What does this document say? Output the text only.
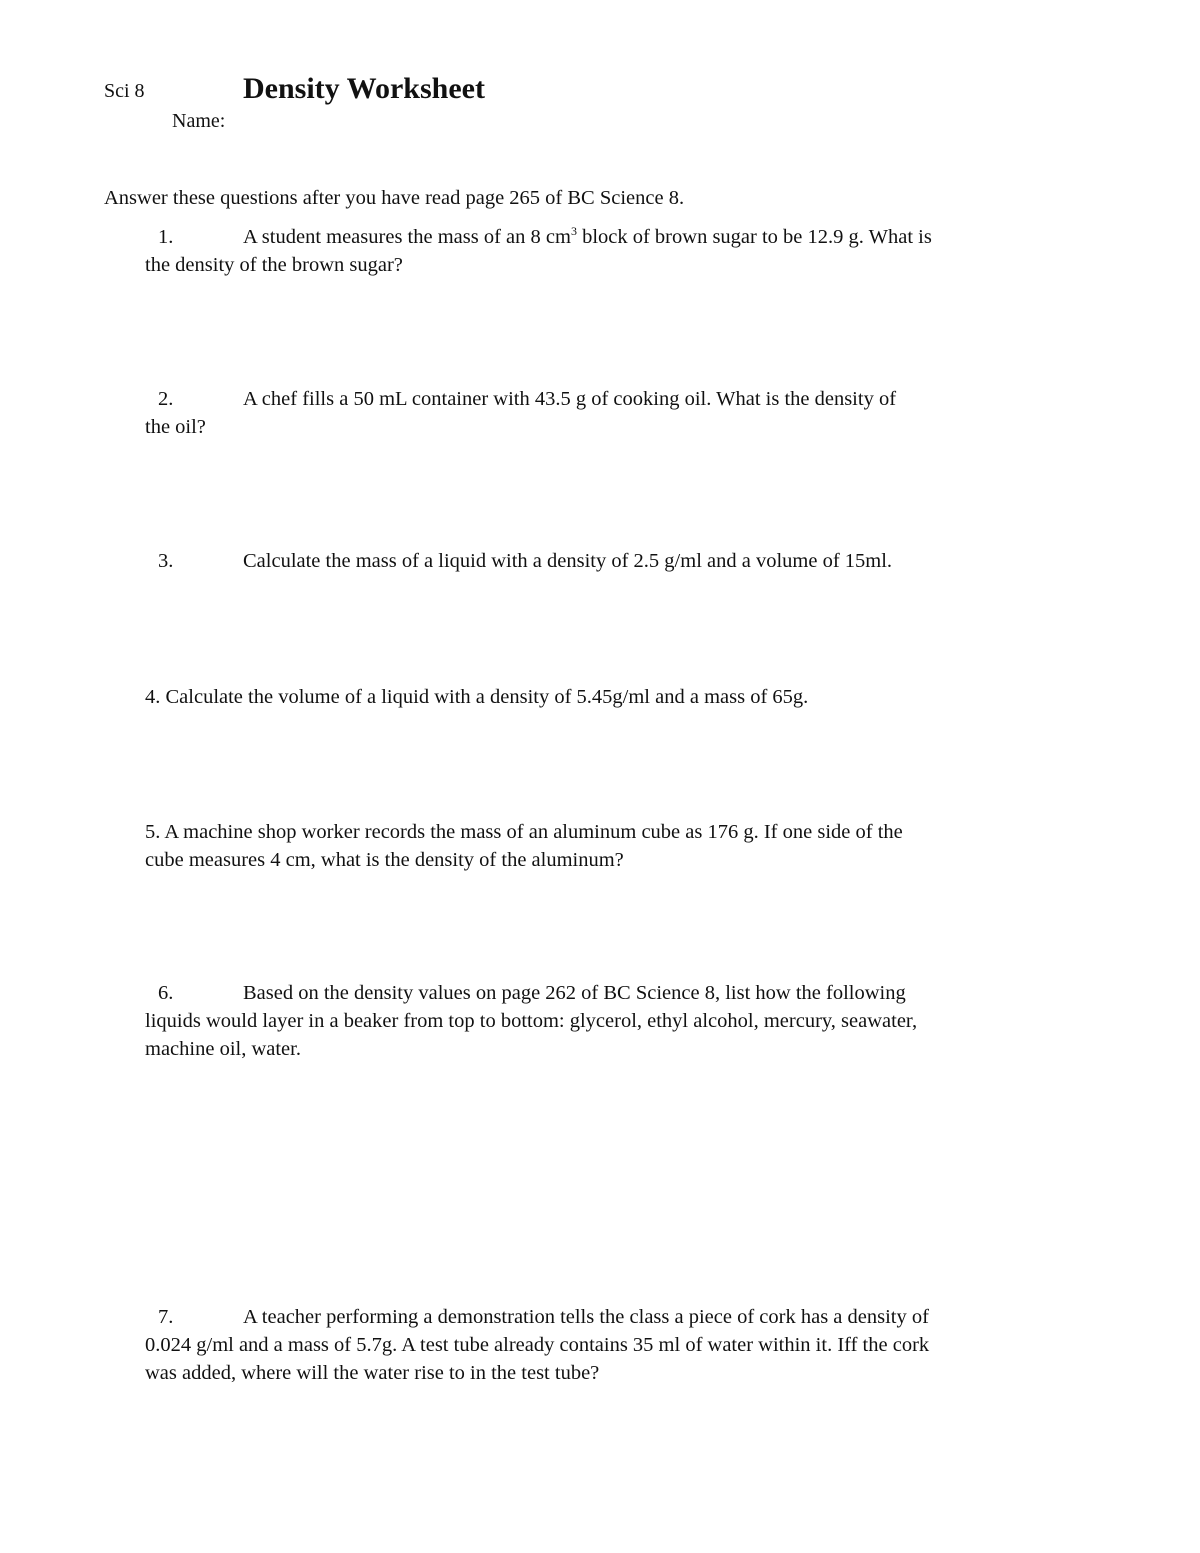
Sci 8	Density Worksheet
Name:
Answer these questions after you have read page 265 of BC Science 8.
1.	A student measures the mass of an 8 $cm^3$ block of brown sugar to be 12.9 g. What is
the density of the brown sugar?
2.	A chef fills a 50 mL container with 43.5 g of cooking oil. What is the density of
the oil?
3.	Calculate the mass of a liquid with a density of 2.5 g/ml and a volume of 15ml.
4. Calculate the volume of a liquid with a density of 5.45g/ml and a mass of 65g.
5. A machine shop worker records the mass of an aluminum cube as 176 g. If one side of the
cube measures 4 cm, what is the density of the aluminum?
6.	Based on the density values on page 262 of BC Science 8, list how the following
liquids would layer in a beaker from top to bottom: glycerol, ethyl alcohol, mercury, seawater,
machine oil, water.
7.	A teacher performing a demonstration tells the class a piece of cork has a density of
0.024 g/ml and a mass of 5.7g. A test tube already contains 35 ml of water within it. Iff the cork
was added, where will the water rise to in the test tube?
